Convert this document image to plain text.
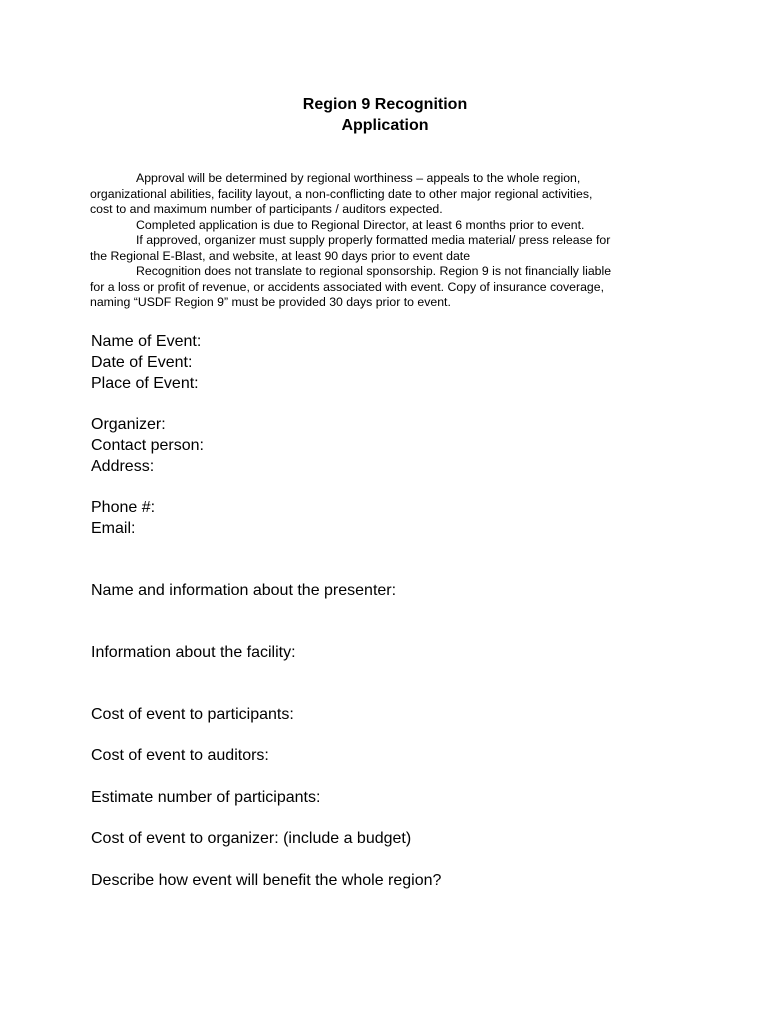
Region 9 Recognition
Application
Approval will be determined by regional worthiness – appeals to the whole region,
organizational abilities, facility layout, a non-conflicting date to other major regional activities,
cost to and maximum number of participants / auditors expected.
Completed application is due to Regional Director, at least 6 months prior to event.
If approved, organizer must supply properly formatted media material/ press release for
the Regional E-Blast, and website, at least 90 days prior to event date
Recognition does not translate to regional sponsorship. Region 9 is not financially liable
for a loss or profit of revenue, or accidents associated with event. Copy of insurance coverage,
naming “USDF Region 9” must be provided 30 days prior to event.
Name of Event:
Date of Event:
Place of Event:
Organizer:
Contact person:
Address:
Phone #:
Email:
Name and information about the presenter:
Information about the facility:
Cost of event to participants:
Cost of event to auditors:
Estimate number of participants:
Cost of event to organizer: (include a budget)
Describe how event will benefit the whole region?
